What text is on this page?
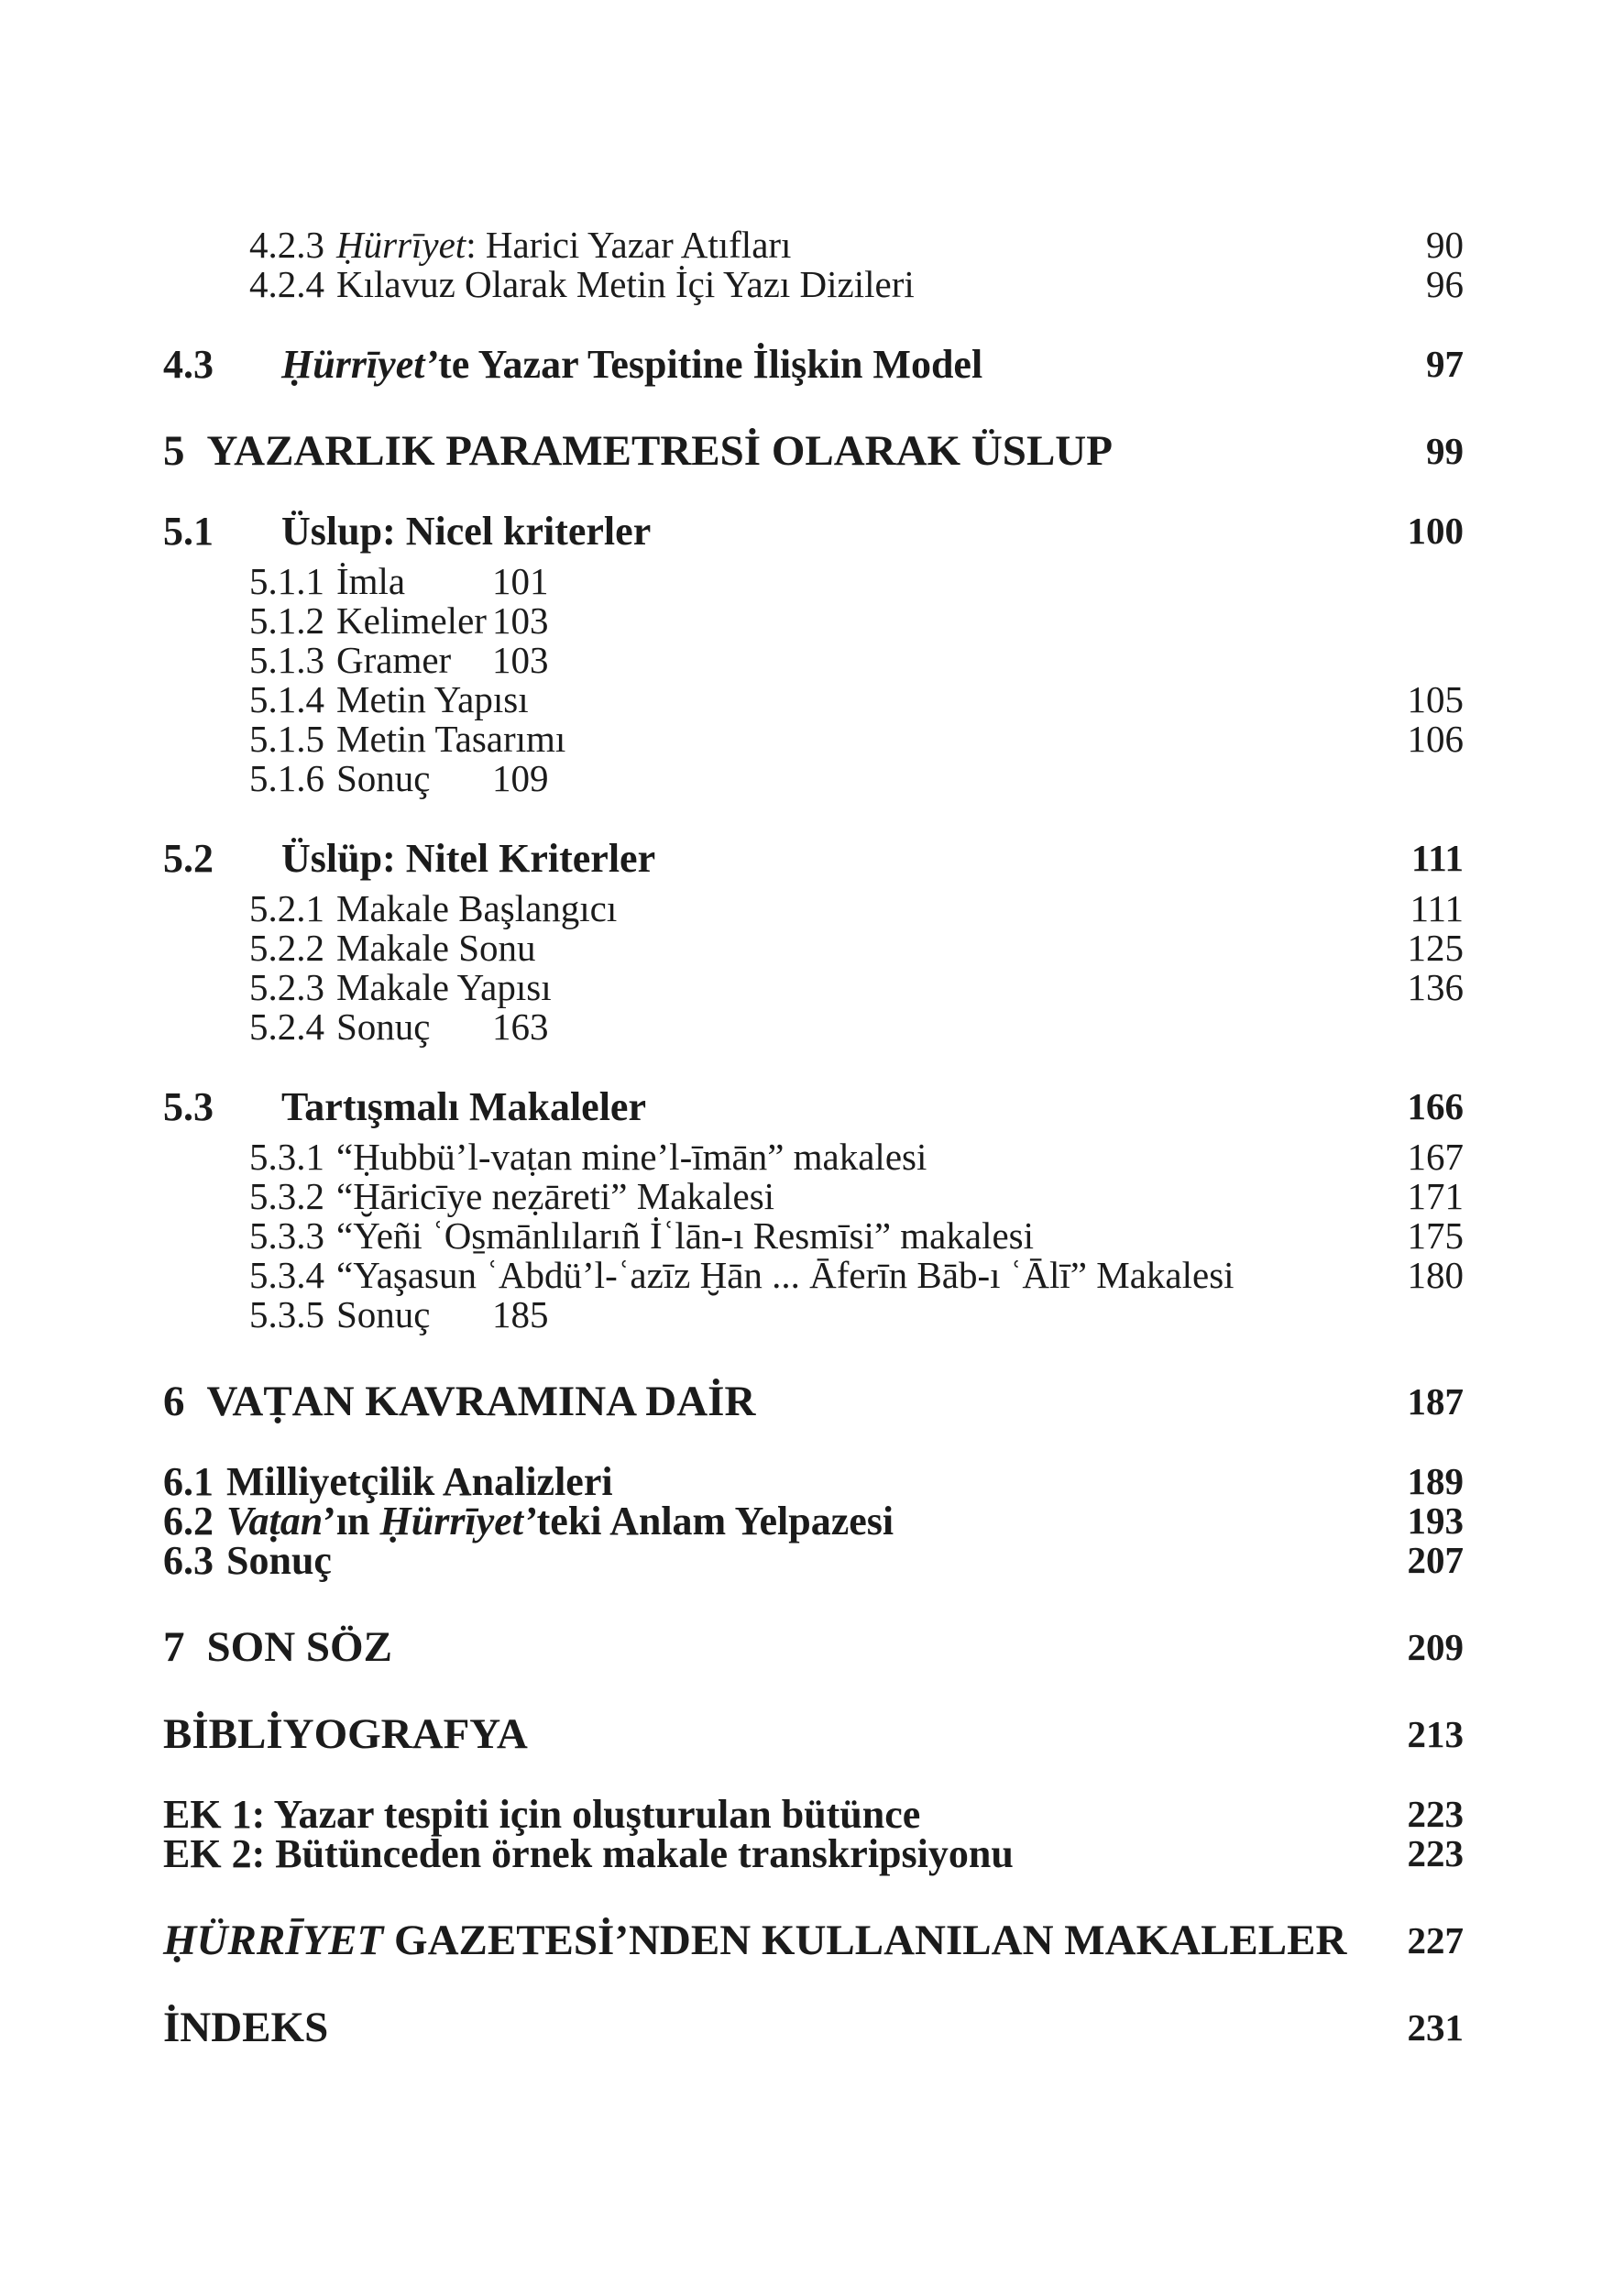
4.2.3 Ḥürrīyet: Harici Yazar Atıfları	90
4.2.4 Kılavuz Olarak Metin İçi Yazı Dizileri	96
4.3 Ḥürrīyet’te Yazar Tespitine İlişkin Model	97
5 YAZARLIK PARAMETRESİ OLARAK ÜSLUP	99
5.1 Üslup: Nicel kriterler	100
5.1.1 İmla 101
5.1.2 Kelimeler 103
5.1.3 Gramer 103
5.1.4 Metin Yapısı	105
5.1.5 Metin Tasarımı	106
5.1.6 Sonuç 109
5.2 Üslüp: Nitel Kriterler	111
5.2.1 Makale Başlangıcı	111
5.2.2 Makale Sonu	125
5.2.3 Makale Yapısı	136
5.2.4 Sonuç 163
5.3 Tartışmalı Makaleler	166
5.3.1 “Ḥubbü’l-vaṭan mine’l-īmān” makalesi	167
5.3.2 “Ḫāricīye neẓāreti” Makalesi	171
5.3.3 “Yeñi ʿOs̱mānlılarıñ İʿlān-ı Resmīsi” makalesi	175
5.3.4 “Yaşasun ʿAbdü’l-ʿazīz Ḫān ... Āferīn Bāb-ı ʿĀlī” Makalesi	180
5.3.5 Sonuç 185
6 VAṬAN KAVRAMINA DAİR	187
6.1 Milliyetçilik Analizleri	189
6.2 Vaṭan’ın Ḥürrīyet’teki Anlam Yelpazesi	193
6.3 Sonuç	207
7 SON SÖZ	209
BİBLİYOGRAFYA	213
EK 1: Yazar tespiti için oluşturulan bütünce	223
EK 2: Bütünceden örnek makale transkripsiyonu	223
ḤÜRRĪYET GAZETESİ’NDEN KULLANILAN MAKALELER 227
İNDEKS	231
